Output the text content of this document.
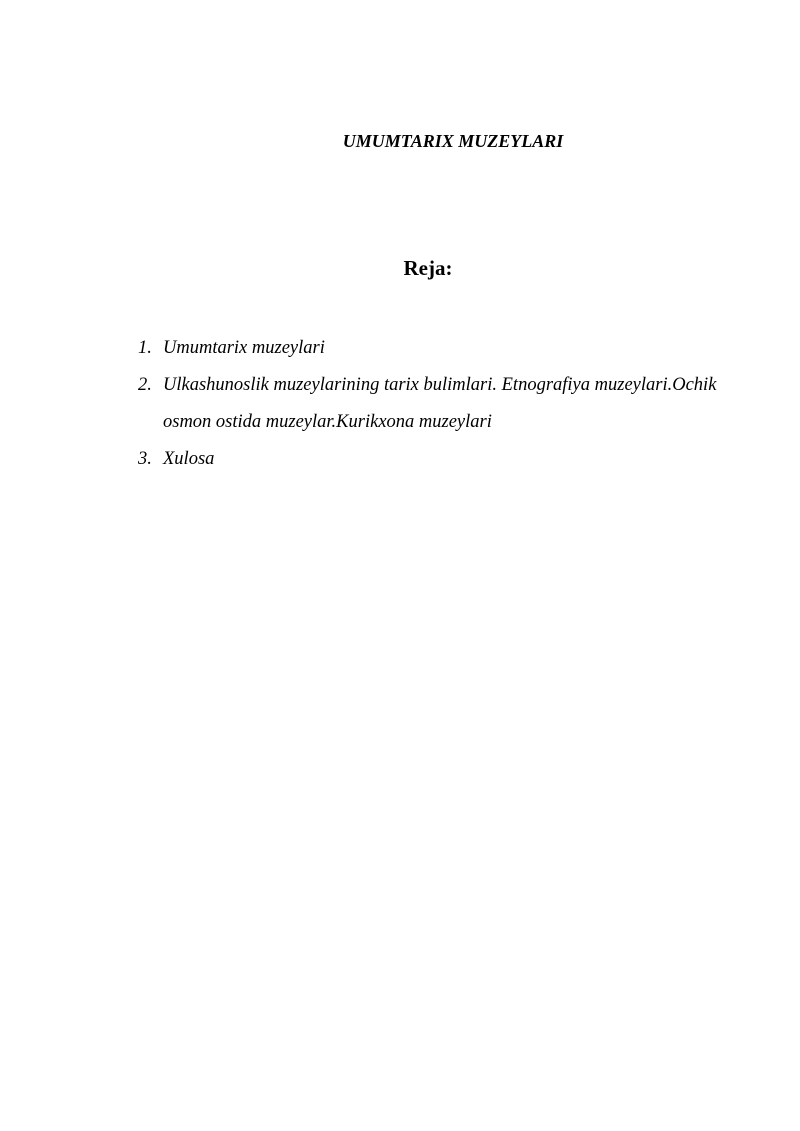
UMUMTARIX MUZEYLARI
Reja:
1. Umumtarix muzeylari
2. Ulkashunoslik muzeylarining tarix bulimlari. Etnografiya muzeylari.Ochik osmon ostida muzeylar.Kurikxona muzeylari
3. Xulosa
